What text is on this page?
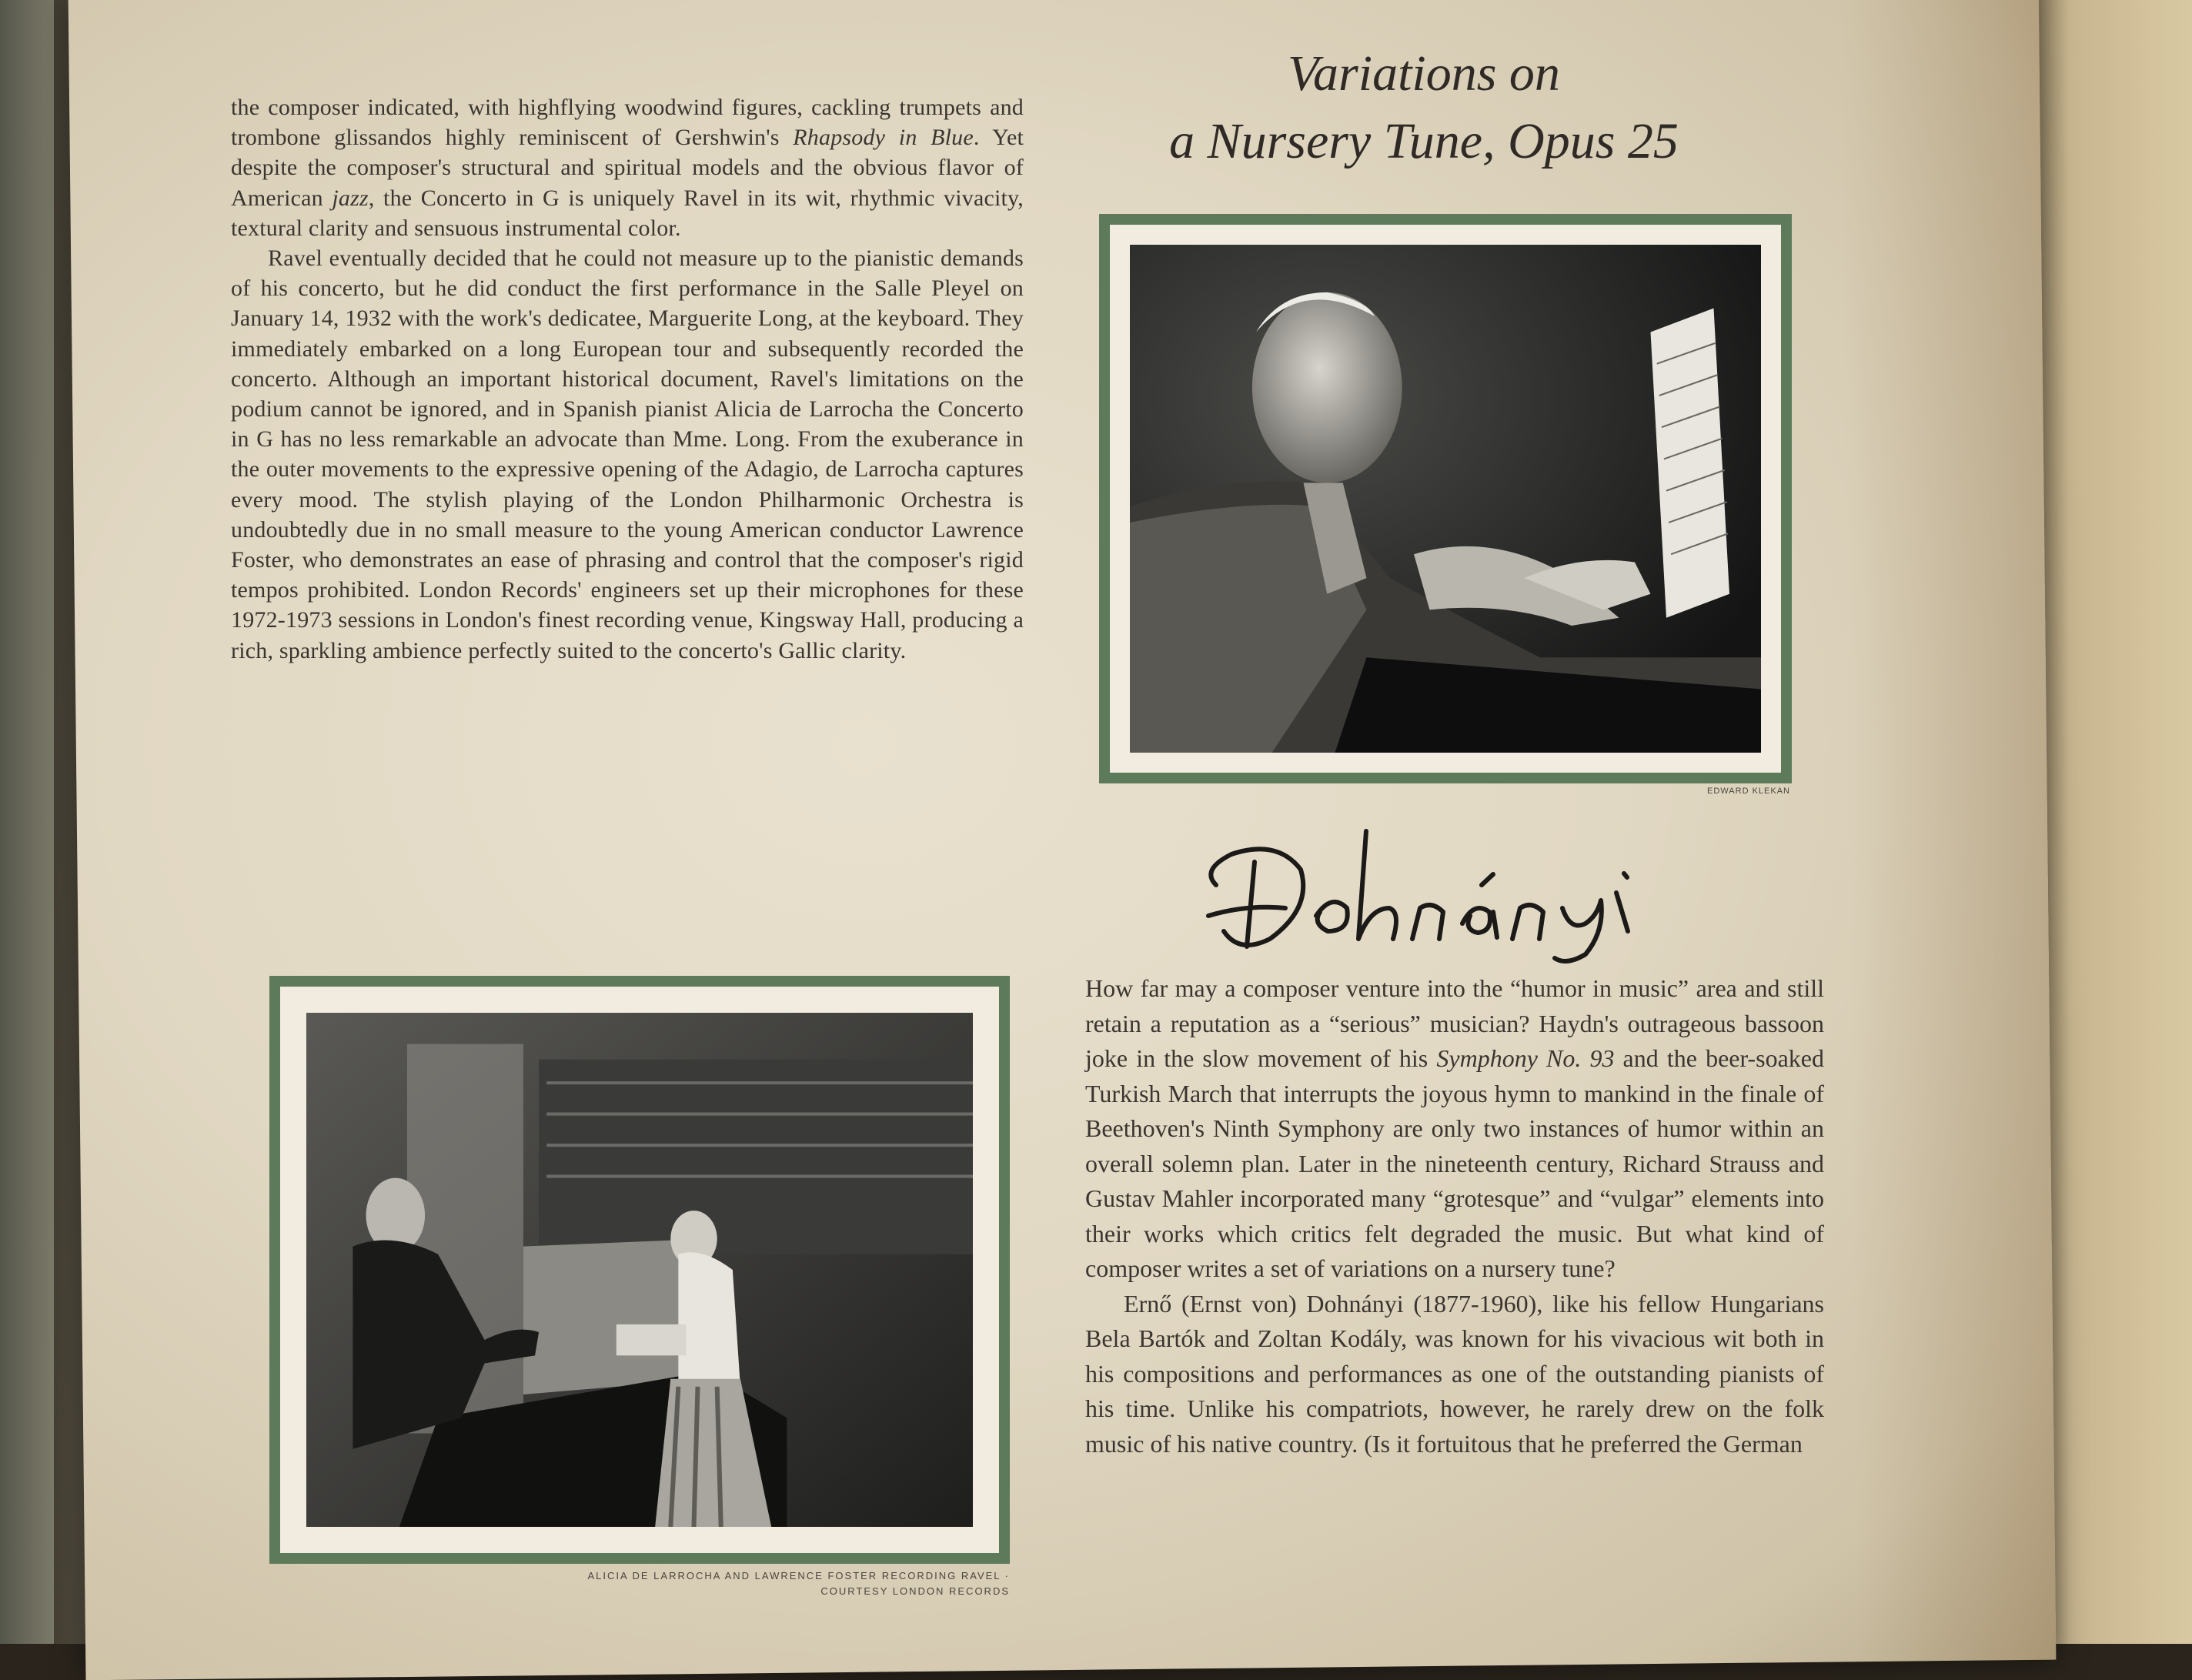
the composer indicated, with highflying woodwind figures, cackling trumpets and trombone glissandos highly reminiscent of Gershwin's Rhapsody in Blue. Yet despite the composer's structural and spiritual models and the obvious flavor of American jazz, the Concerto in G is uniquely Ravel in its wit, rhythmic vivacity, textural clarity and sensuous instrumental color.

Ravel eventually decided that he could not measure up to the pianistic demands of his concerto, but he did conduct the first performance in the Salle Pleyel on January 14, 1932 with the work's dedicatee, Marguerite Long, at the keyboard. They immediately embarked on a long European tour and subsequently recorded the concerto. Although an important historical document, Ravel's limitations on the podium cannot be ignored, and in Spanish pianist Alicia de Larrocha the Concerto in G has no less remarkable an advocate than Mme. Long. From the exuberance in the outer movements to the expressive opening of the Adagio, de Larrocha captures every mood. The stylish playing of the London Philharmonic Orchestra is undoubtedly due in no small measure to the young American conductor Lawrence Foster, who demonstrates an ease of phrasing and control that the composer's rigid tempos prohibited. London Records' engineers set up their microphones for these 1972-1973 sessions in London's finest recording venue, Kingsway Hall, producing a rich, sparkling ambience perfectly suited to the concerto's Gallic clarity.

Variations on
a Nursery Tune, Opus 25
EDWARD KLEKAN

How far may a composer venture into the “humor in music” area and still retain a reputation as a “serious” musician? Haydn's outrageous bassoon joke in the slow movement of his Symphony No. 93 and the beer-soaked Turkish March that interrupts the joyous hymn to mankind in the finale of Beethoven's Ninth Symphony are only two instances of humor within an overall solemn plan. Later in the nineteenth century, Richard Strauss and Gustav Mahler incorporated many “grotesque” and “vulgar” elements into their works which critics felt degraded the music. But what kind of composer writes a set of variations on a nursery tune?

Ernő (Ernst von) Dohnányi (1877-1960), like his fellow Hungarians Bela Bartók and Zoltan Kodály, was known for his vivacious wit both in his compositions and performances as one of the outstanding pianists of his time. Unlike his compatriots, however, he rarely drew on the folk music of his native country. (Is it fortuitous that he preferred the German

ALICIA DE LARROCHA AND LAWRENCE FOSTER RECORDING RAVEL ·
COURTESY LONDON RECORDS
